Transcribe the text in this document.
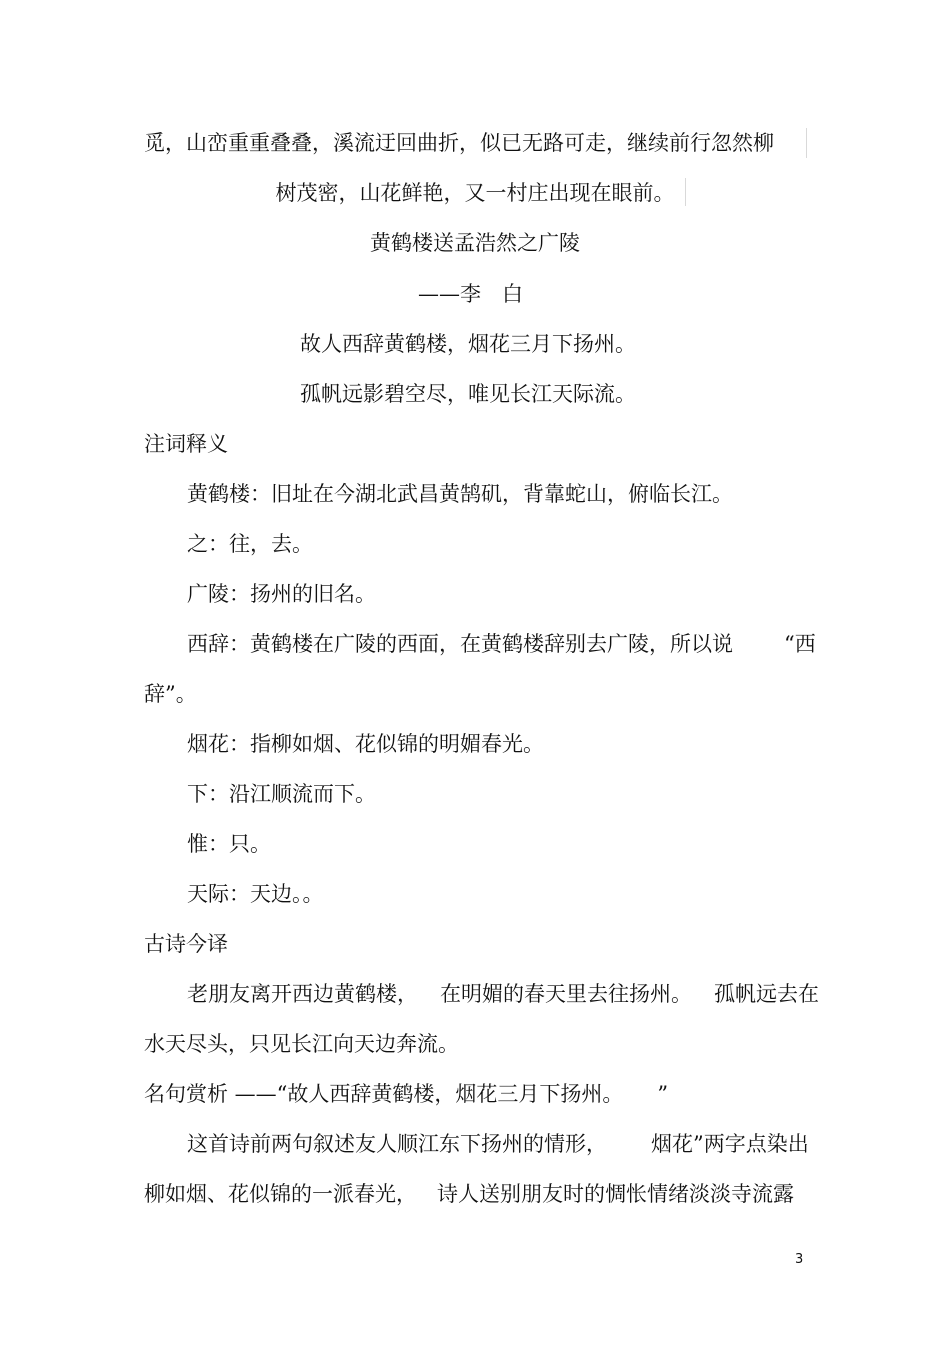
觅，山峦重重叠叠，溪流迂回曲折，似已无路可走，继续前行忽然柳
树茂密，山花鲜艳，又一村庄出现在眼前。
黄鹤楼送孟浩然之广陵
——李 白
故人西辞黄鹤楼，烟花三月下扬州。
孤帆远影碧空尽，唯见长江天际流。
注词释义
黄鹤楼：旧址在今湖北武昌黄鹄矶，背靠蛇山，俯临长江。
之：往，去。
广陵：扬州的旧名。
西辞：黄鹤楼在广陵的西面，在黄鹤楼辞别去广陵，所以说 “西
辞”。
烟花：指柳如烟、花似锦的明媚春光。
下：沿江顺流而下。
惟：只。
天际：天边。。
古诗今译
老朋友离开西边黄鹤楼， 在明媚的春天里去往扬州。 孤帆远去在
水天尽头，只见长江向天边奔流。
名句赏析 ——“故人西辞黄鹤楼，烟花三月下扬州。 ”
这首诗前两句叙述友人顺江东下扬州的情形， 烟花”两字点染出
柳如烟、花似锦的一派春光， 诗人送别朋友时的惆怅情绪淡淡寺流露
3
